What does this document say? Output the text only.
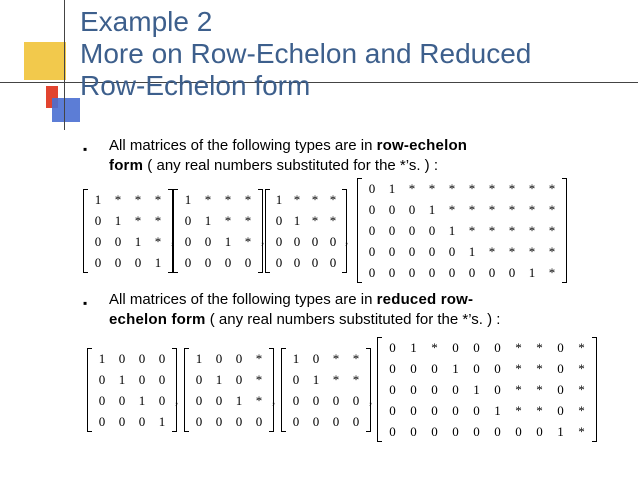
Example 2
More on Row-Echelon and Reduced
Row-Echelon form
▪ All matrices of the following types are in row-echelon
form ( any real numbers substituted for the *’s. ) :
1	*	*	*
0	1	*	*
0	0	1	*
0	0	0	1
,
1	*	*	*
0	1	*	*
0	0	1	*
0	0	0	0
,
1	*	*	*
0	1	*	*
0	0	0	0
0	0	0	0
,
0	1	*	*	*	*	*	*	*	*
0	0	0	1	*	*	*	*	*	*
0	0	0	0	1	*	*	*	*	*
0	0	0	0	0	1	*	*	*	*
0	0	0	0	0	0	0	0	1	*
▪ All matrices of the following types are in reduced row-
echelon form ( any real numbers substituted for the *’s. ) :
1	0	0	0
0	1	0	0
0	0	1	0
0	0	0	1
,
1	0	0	*
0	1	0	*
0	0	1	*
0	0	0	0
,
1	0	*	*
0	1	*	*
0	0	0	0
0	0	0	0
,
0	1	*	0	0	0	*	*	0	*
0	0	0	1	0	0	*	*	0	*
0	0	0	0	1	0	*	*	0	*
0	0	0	0	0	1	*	*	0	*
0	0	0	0	0	0	0	0	1	*
